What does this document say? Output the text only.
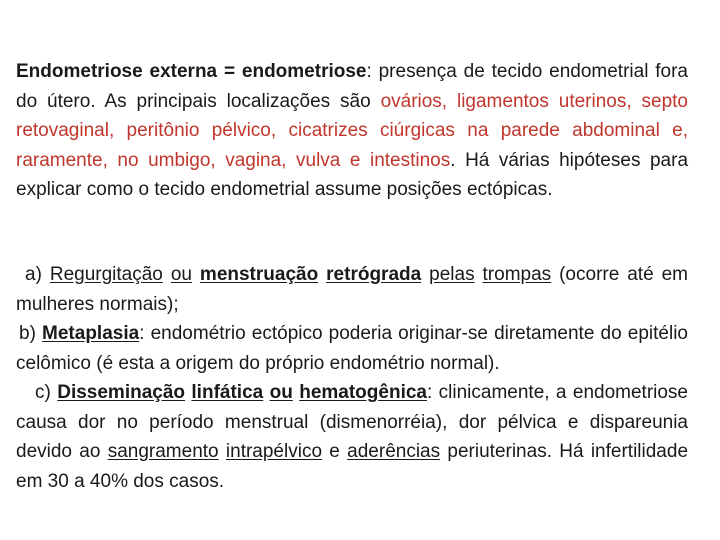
Endometriose externa = endometriose: presença de tecido endometrial fora do útero. As principais localizações são ovários, ligamentos uterinos, septo retovaginal, peritônio pélvico, cicatrizes ciúrgicas na parede abdominal e, raramente, no umbigo, vagina, vulva e intestinos. Há várias hipóteses para explicar como o tecido endometrial assume posições ectópicas.

a) Regurgitação ou menstruação retrógrada pelas trompas (ocorre até em mulheres normais);

b) Metaplasia: endométrio ectópico poderia originar-se diretamente do epitélio celômico (é esta a origem do próprio endométrio normal).

c) Disseminação linfática ou hematogênica: clinicamente, a endometriose causa dor no período menstrual (dismenorréia), dor pélvica e dispareunia devido ao sangramento intrapélvico e aderências periuterinas. Há infertilidade em 30 a 40% dos casos.
